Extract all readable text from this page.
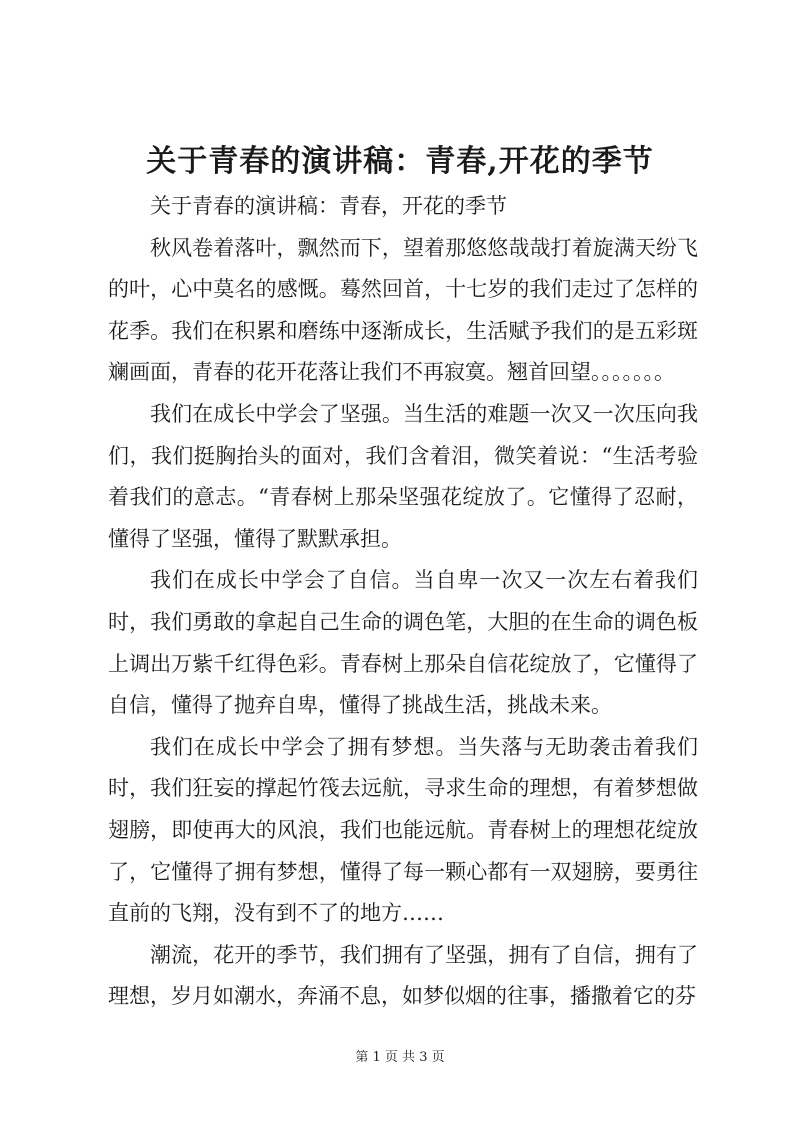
关于青春的演讲稿：青春,开花的季节

关于青春的演讲稿：青春，开花的季节

秋风卷着落叶，飘然而下，望着那悠悠哉哉打着旋满天纷飞的叶，心中莫名的感慨。蓦然回首，十七岁的我们走过了怎样的花季。我们在积累和磨练中逐渐成长，生活赋予我们的是五彩斑斓画面，青春的花开花落让我们不再寂寞。翘首回望。。。。。。。

我们在成长中学会了坚强。当生活的难题一次又一次压向我们，我们挺胸抬头的面对，我们含着泪，微笑着说：“生活考验着我们的意志。“青春树上那朵坚强花绽放了。它懂得了忍耐，懂得了坚强，懂得了默默承担。

我们在成长中学会了自信。当自卑一次又一次左右着我们时，我们勇敢的拿起自己生命的调色笔，大胆的在生命的调色板上调出万紫千红得色彩。青春树上那朵自信花绽放了，它懂得了自信，懂得了抛弃自卑，懂得了挑战生活，挑战未来。

我们在成长中学会了拥有梦想。当失落与无助袭击着我们时，我们狂妄的撑起竹筏去远航，寻求生命的理想，有着梦想做翅膀，即使再大的风浪，我们也能远航。青春树上的理想花绽放了，它懂得了拥有梦想，懂得了每一颗心都有一双翅膀，要勇往直前的飞翔，没有到不了的地方……

潮流，花开的季节，我们拥有了坚强，拥有了自信，拥有了理想，岁月如潮水，奔涌不息，如梦似烟的往事，播撒着它的芬

第 1 页 共 3 页
